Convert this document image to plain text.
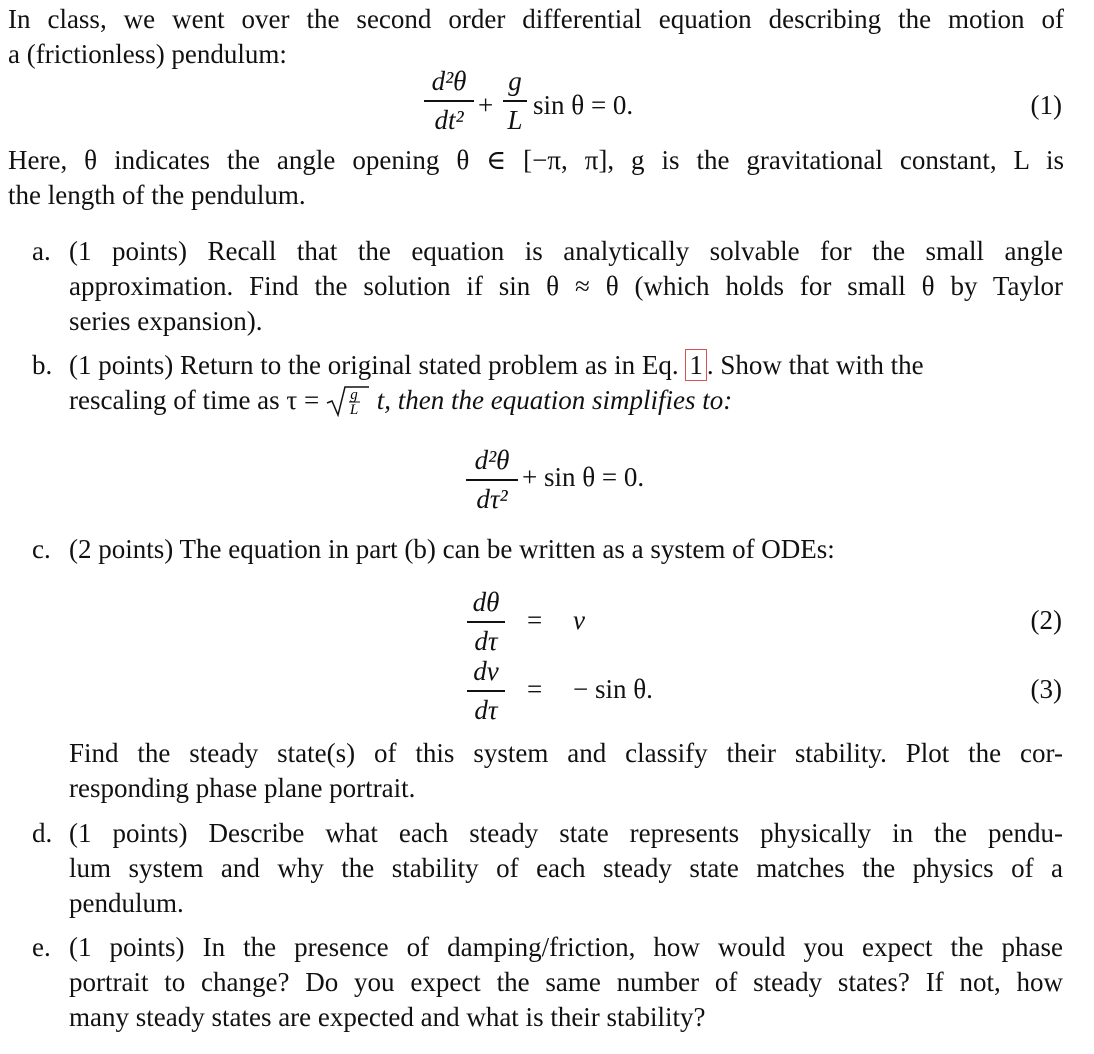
In class, we went over the second order differential equation describing the motion of
a (frictionless) pendulum:
d²θ
dt² +
g
L sin θ = 0.	(1)
Here, θ indicates the angle opening θ ∈ [−π, π], g is the gravitational constant, L is
the length of the pendulum.
a. (1 points) Recall that the equation is analytically solvable for the small angle
approximation. Find the solution if sin θ ≈ θ (which holds for small θ by Taylor
series expansion).
b. (1 points) Return to the original stated problem as in Eq. 1 . Show that with the
rescaling of time as τ = g
L t, then the equation simplifies to:
d²θ
dτ²
+ sin θ = 0.
c. (2 points) The equation in part (b) can be written as a system of ODEs:
dθ
dτ
= v	(2)
dv
dτ
= − sin θ.	(3)
Find the steady state(s) of this system and classify their stability. Plot the cor-
responding phase plane portrait.
d. (1 points) Describe what each steady state represents physically in the pendu-
lum system and why the stability of each steady state matches the physics of a
pendulum.
e. (1 points) In the presence of damping/friction, how would you expect the phase
portrait to change? Do you expect the same number of steady states? If not, how
many steady states are expected and what is their stability?
